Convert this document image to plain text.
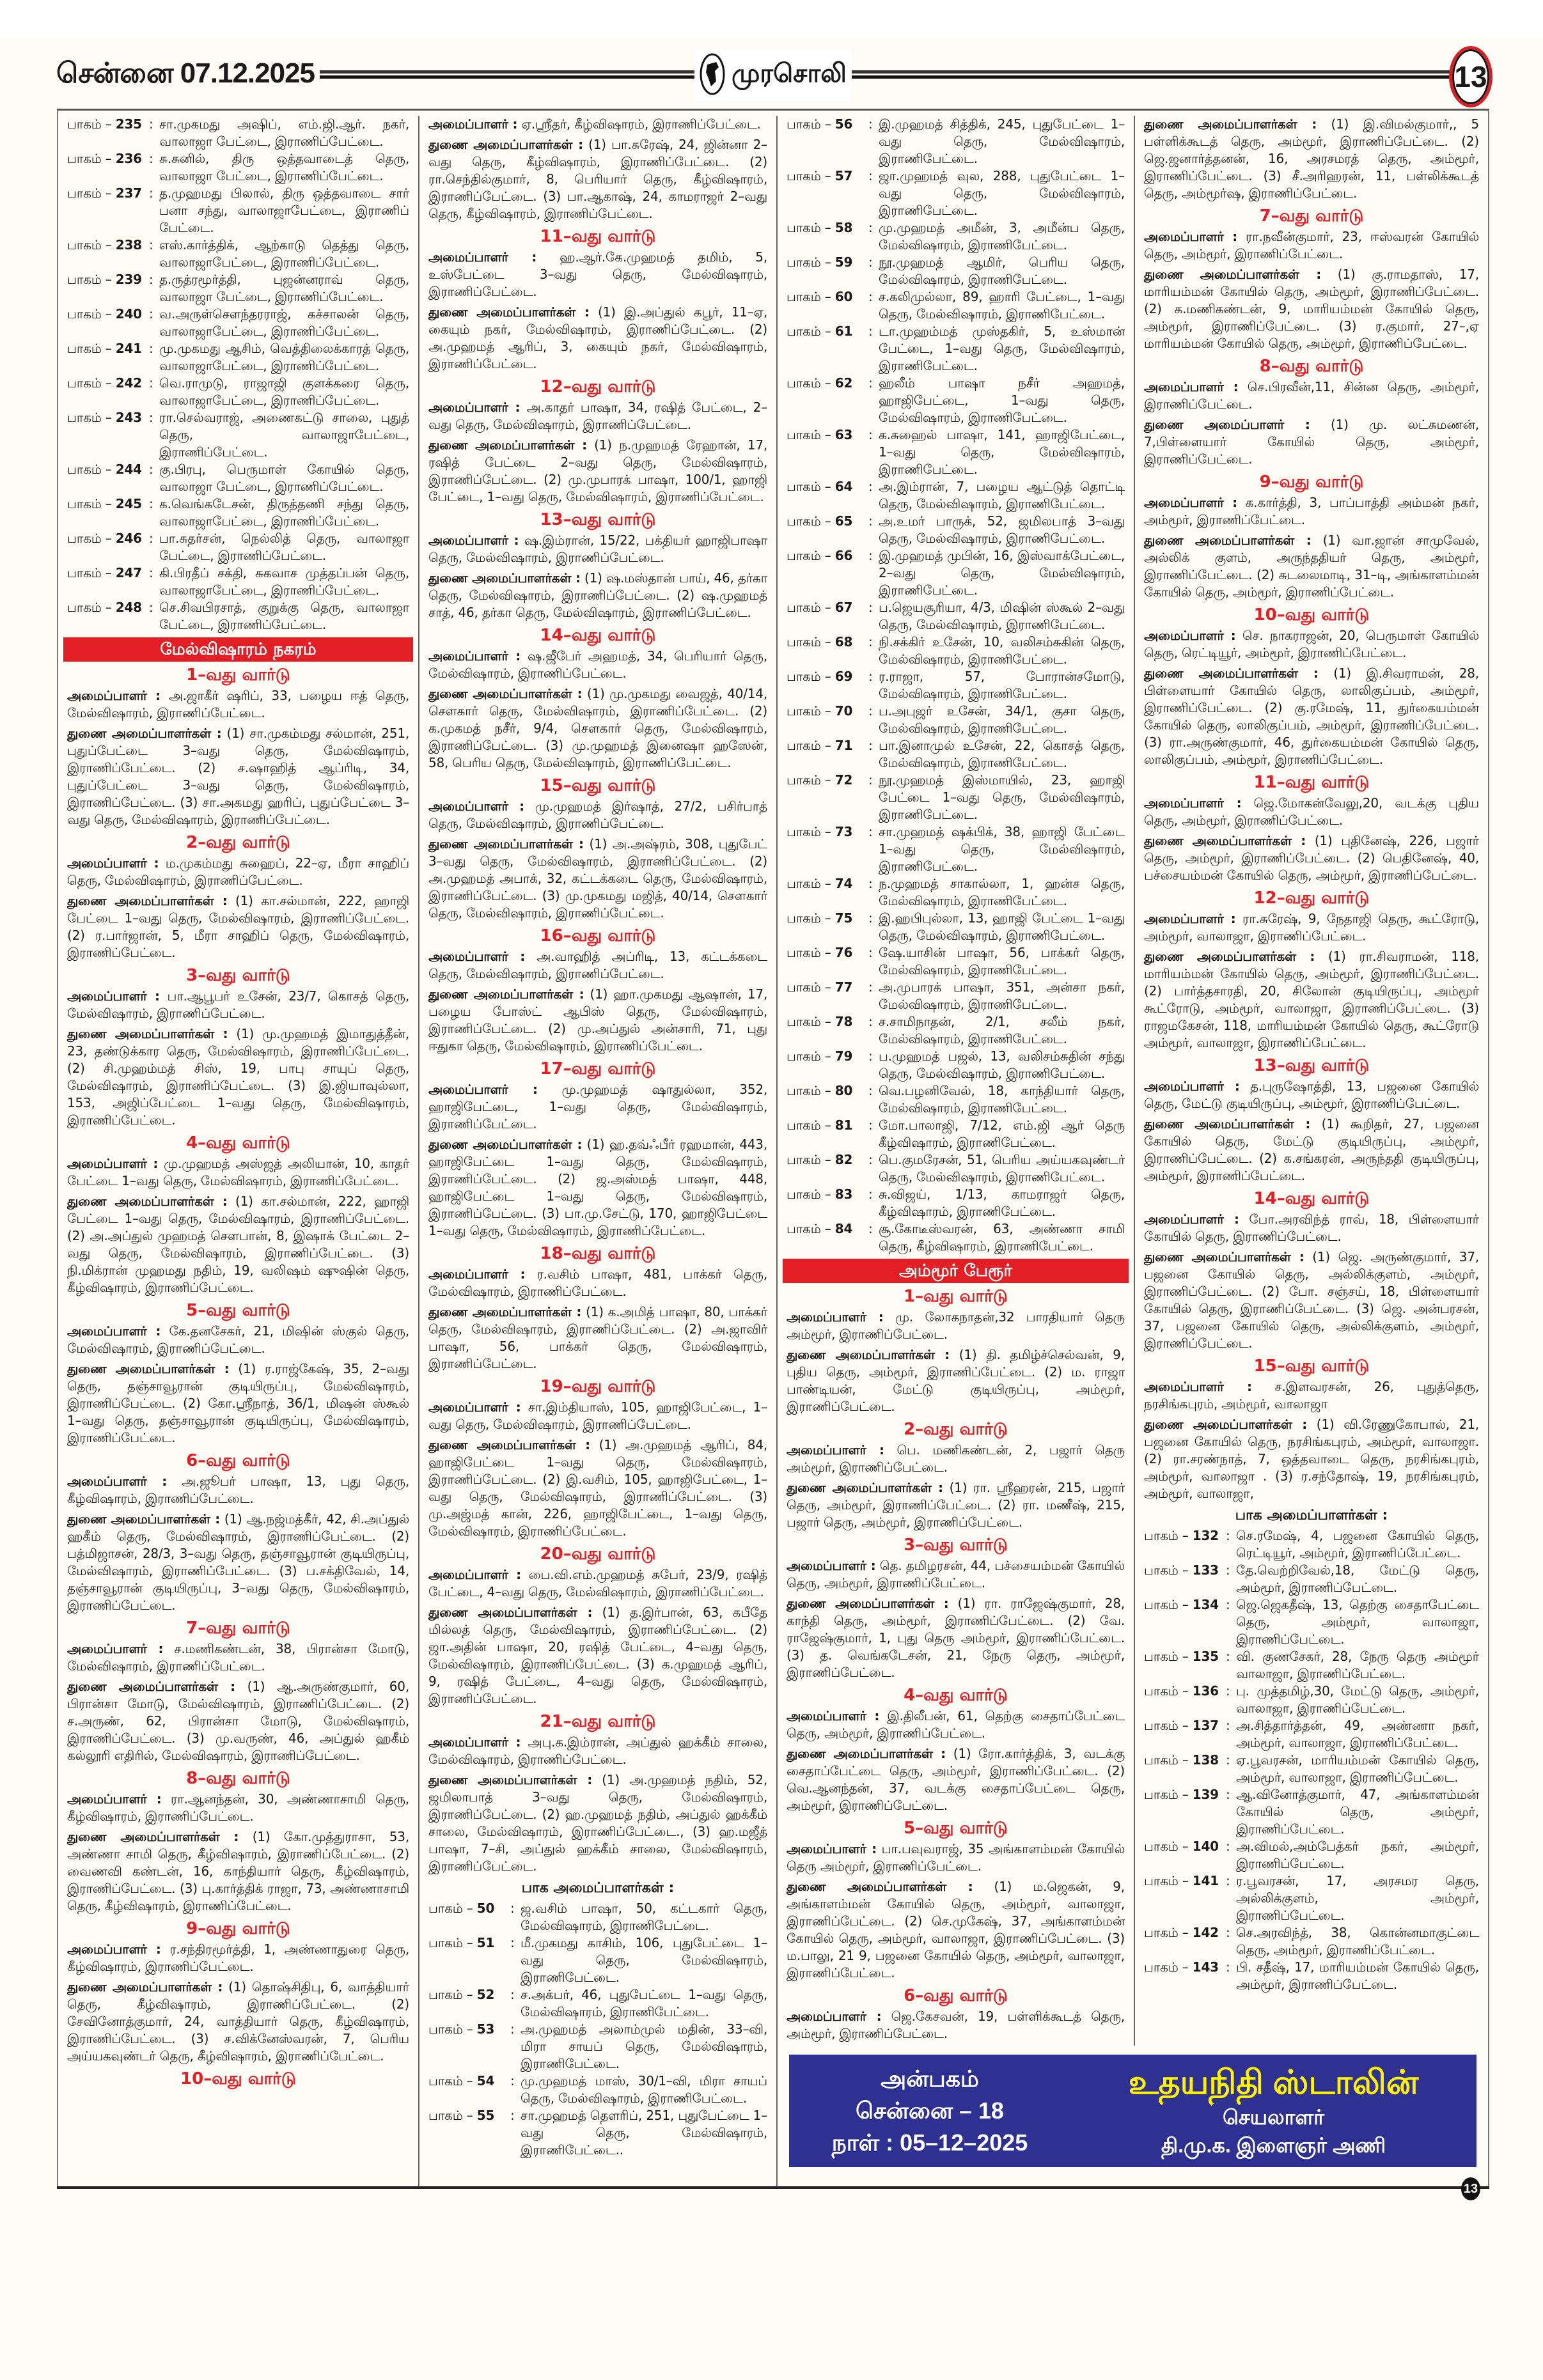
சென்னை 07.12.2025	முரசொலி	13
பாகம் – 235 : சா.முகமது அஷிப், எம்.ஜி.ஆர். நகர், வாலாஜா பேட்டை, இராணிப்பேட்டை.
பாகம் – 236 : சு.சுனில், திரு ஒத்தவாடைத் தெரு, வாலாஜா பேட்டை, இராணிப்பேட்டை.
பாகம் – 237 : த.முஹமது பிலால், திரு ஒத்தவாடை சார் பனா சந்து, வாலாஜாபேட்டை, இராணிப் பேட்டை.
பாகம் – 238 : எஸ்.கார்த்திக், ஆற்காடு தெத்து தெரு, வாலாஜாபேட்டை, இராணிப்பேட்டை.
பாகம் – 239 : த.ருத்ரமூர்த்தி, புஜன்னராவ் தெரு, வாலாஜா பேட்டை, இராணிப்பேட்டை.
பாகம் – 240 : வ.அருள்செளந்தரராஜ், கச்சாலன் தெரு, வாலாஜாபேட்டை, இராணிப்பேட்டை.
பாகம் – 241 : மு.முகமது ஆசிம், வெத்திலைக்காரத் தெரு, வாலாஜாபேட்டை, இராணிப்பேட்டை.
பாகம் – 242 : வெ.ராமுடு, ராஜாஜி குளக்கரை தெரு, வாலாஜாபேட்டை, இராணிப்பேட்டை.
பாகம் – 243 : ரா.செல்வராஜ், அணைகட்டு சாலை, புதுத் தெரு, வாலாஜாபேட்டை, இராணிப்பேட்டை.
பாகம் – 244 : கு.பிரபு, பெருமாள் கோயில் தெரு, வாலாஜா பேட்டை, இராணிப்பேட்டை.
பாகம் – 245 : க.வெங்கடேசன், திருத்தணி சந்து தெரு, வாலாஜாபேட்டை, இராணிப்பேட்டை.
பாகம் – 246 : பா.சுதர்சன், நெல்லித் தெரு, வாலாஜா பேட்டை, இராணிப்பேட்டை.
பாகம் – 247 : கி.பிரதீப் சக்தி, சுகவாச முத்தப்பன் தெரு, வாலாஜாபேட்டை, இராணிப்பேட்டை.
பாகம் – 248 : செ.சிவபிரசாத், குறுக்கு தெரு, வாலாஜா பேட்டை, இராணிப்பேட்டை.
மேல்விஷாரம் நகரம்
1–வது வார்டு
அமைப்பாளர் : அ.ஜாகீர் ஷரிப், 33, பழைய ஈத் தெரு, மேல்விஷாரம், இராணிப்பேட்டை.
துணை அமைப்பாளர்கள் : (1) சா.முகம்மது சல்மான், 251, புதுப்பேட்டை 3–வது தெரு, மேல்விஷாரம், இராணிப்பேட்டை. (2) ச.ஷாஹித் ஆப்ரிடி, 34, புதுப்பேட்டை 3–வது தெரு, மேல்விஷாரம், இராணிப்பேட்டை. (3) சா.அகமது ஹரிப், புதுப்பேட்டை 3–வது தெரு, மேல்விஷாரம், இராணிப்பேட்டை.
2–வது வார்டு
அமைப்பாளர் : ம.முகம்மது சுஹைப், 22–ஏ, மீரா சாஹிப் தெரு, மேல்விஷாரம், இராணிப்பேட்டை.
துணை அமைப்பாளர்கள் : (1) கா.சல்மான், 222, ஹாஜி பேட்டை 1–வது தெரு, மேல்விஷாரம், இராணிப்பேட்டை. (2) ர.பார்ஜான், 5, மீரா சாஹிப் தெரு, மேல்விஷாரம், இராணிப்பேட்டை.
3–வது வார்டு
அமைப்பாளர் : பா.ஆபூபர் உசேன், 23/7, கொசத் தெரு, மேல்விஷாரம், இராணிப்பேட்டை.
துணை அமைப்பாளர்கள் : (1) மு.முஹமத் இமாதுத்தீன், 23, தண்டுக்கார தெரு, மேல்விஷாரம், இராணிப்பேட்டை. (2) சி.முஹம்மத் சிஸ், 19, பாபு சாயுப் தெரு, மேல்விஷாரம், இராணிப்பேட்டை. (3) இ.ஜியாவுல்லா, 153, அஜிப்பேட்டை 1–வது தெரு, மேல்விஷாரம், இராணிப்பேட்டை.
4–வது வார்டு
அமைப்பாளர் : மு.முஹமத் அஸ்ஜத் அலியான், 10, காதர் பேட்டை 1–வது தெரு, மேல்விஷாரம், இராணிப்பேட்டை.
துணை அமைப்பாளர்கள் : (1) கா.சல்மான், 222, ஹாஜி பேட்டை 1–வது தெரு, மேல்விஷாரம், இராணிப்பேட்டை. (2) அ.அப்துல் முஹமத் சௌபான், 8, இஷாக் பேட்டை 2–வது தெரு, மேல்விஷாரம், இராணிப்பேட்டை. (3) நி.மிக்ரான் முஹமது நதிம், 19, வலிஷம் ஷுஷின் தெரு, கீழ்விஷாரம், இராணிப்பேட்டை.
5–வது வார்டு
அமைப்பாளர் : கே.தனசேகர், 21, மிஷின் ஸ்குல் தெரு, மேல்விஷாரம், இராணிப்பேட்டை.
துணை அமைப்பாளர்கள் : (1) ர.ராஜ்கேஷ், 35, 2–வது தெரு, தஞ்சாவூரான் குடியிருப்பு, மேல்விஷாரம், இராணிப்பேட்டை. (2) கோ.ஸ்ரீநாத், 36/1, மிஷன் ஸ்கூல் 1–வது தெரு, தஞ்சாவூரான் குடியிருப்பு, மேல்விஷாரம், இராணிப்பேட்டை.
6–வது வார்டு
அமைப்பாளர் : அ.ஜூபர் பாஷா, 13, புது தெரு, கீழ்விஷாரம், இராணிப்பேட்டை.
துணை அமைப்பாளர்கள் : (1) ஆ.நஜ்மத்கீர், 42, சி.அப்துல் ஹகீம் தெரு, மேல்விஷாரம், இராணிப்பேட்டை. (2) பத்மிஜாசன், 28/3, 3–வது தெரு, தஞ்சாவூரான் குடியிருப்பு, மேல்விஷாரம், இராணிப்பேட்டை. (3) ப.சக்திவேல், 14, தஞ்சாவூரான் குடியிருப்பு, 3–வது தெரு, மேல்விஷாரம், இராணிப்பேட்டை.
7–வது வார்டு
அமைப்பாளர் : ச.மணிகண்டன், 38, பிரான்சா மோடு, மேல்விஷாரம், இராணிப்பேட்டை.
துணை அமைப்பாளர்கள் : (1) ஆ.அருண்குமார், 60, பிரான்சா மோடு, மேல்விஷாரம், இராணிப்பேட்டை. (2) ச.அருண், 62, பிரான்சா மோடு, மேல்விஷாரம், இராணிப்பேட்டை. (3) மு.வருண், 46, அப்துல் ஹகீம் கல்லூரி எதிரில், மேல்விஷாரம், இராணிப்பேட்டை.
8–வது வார்டு
அமைப்பாளர் : ரா.ஆனந்தன், 30, அண்ணாசாமி தெரு, கீழ்விஷாரம், இராணிப்பேட்டை.
துணை அமைப்பாளர்கள் : (1) கோ.முத்துராசா, 53, அண்ணா சாமி தெரு, கீழ்விஷாரம், இராணிப்பேட்டை. (2) வைணவி கண்டன், 16, காந்தியார் தெரு, கீழ்விஷாரம், இராணிப்பேட்டை. (3) பு.கார்த்திக் ராஜா, 73, அண்ணாசாமி தெரு, கீழ்விஷாரம், இராணிப்பேட்டை.
9–வது வார்டு
அமைப்பாளர் : ர.சந்திரமூர்த்தி, 1, அண்ணாதுரை தெரு, கீழ்விஷாரம், இராணிப்பேட்டை.
துணை அமைப்பாளர்கள் : (1) தொஷ்சிதிபு, 6, வாத்தியார் தெரு, கீழ்விஷாரம், இராணிப்பேட்டை. (2) சேவினோத்குமார், 24, வாத்தியார் தெரு, கீழ்விஷாரம், இராணிப்பேட்டை. (3) ச.விக்னேஸ்வரன், 7, பெரிய அய்யகவுண்டர் தெரு, கீழ்விஷாரம், இராணிப்பேட்டை.
10–வது வார்டு
அமைப்பாளர் : ஏ.ஸ்ரீதர், கீழ்விஷாரம், இராணிப்பேட்டை.
துணை அமைப்பாளர்கள் : (1) பா.சுரேஷ், 24, ஜின்னா 2–வது தெரு, கீழ்விஷாரம், இராணிப்பேட்டை. (2) ரா.செந்தில்குமார், 8, பெரியார் தெரு, கீழ்விஷாரம், இராணிப்பேட்டை. (3) பா.ஆகாஷ், 24, காமராஜர் 2–வது தெரு, கீழ்விஷாரம், இராணிப்பேட்டை.
11–வது வார்டு
அமைப்பாளர் : ஹ.ஆர்.கே.முஹமத் தமிம், 5, உஸ்பேட்டை 3–வது தெரு, மேல்விஷாரம், இராணிப்பேட்டை.
துணை அமைப்பாளர்கள் : (1) இ.அப்துல் கபூர், 11–ஏ, கையும் நகர், மேல்விஷாரம், இராணிப்பேட்டை. (2) அ.முஹமத் ஆரிப், 3, கையும் நகர், மேல்விஷாரம், இராணிப்பேட்டை.
12–வது வார்டு
அமைப்பாளர் : அ.காதர் பாஷா, 34, ரஷித் பேட்டை, 2–வது தெரு, மேல்விஷாரம், இராணிப்பேட்டை.
துணை அமைப்பாளர்கள் : (1) ந.முஹமத் ரேஹான், 17, ரஷித் பேட்டை 2–வது தெரு, மேல்விஷாரம், இராணிப்பேட்டை. (2) மு.முபாரக் பாஷா, 100/1, ஹாஜி பேட்டை, 1–வது தெரு, மேல்விஷாரம், இராணிப்பேட்டை.
13–வது வார்டு
அமைப்பாளர் : ஷ.இம்ரான், 15/22, பக்தியர் ஹாஜிபாஷா தெரு, மேல்விஷாரம், இராணிப்பேட்டை.
துணை அமைப்பாளர்கள் : (1) ஷ.மஸ்தான் பாய், 46, தர்கா தெரு, மேல்விஷாரம், இராணிப்பேட்டை. (2) ஷ.முஹமத் சாத், 46, தர்கா தெரு, மேல்விஷாரம், இராணிப்பேட்டை.
14–வது வார்டு
அமைப்பாளர் : ஷ.ஜீபேர் அஹமத், 34, பெரியார் தெரு, மேல்விஷாரம், இராணிப்பேட்டை.
துணை அமைப்பாளர்கள் : (1) மு.முகமது வைஜத், 40/14, சௌகார் தெரு, மேல்விஷாரம், இராணிப்பேட்டை. (2) க.முகமத் நசீர், 9/4, சௌகார் தெரு, மேல்விஷாரம், இராணிப்பேட்டை. (3) மு.முஹமத் இனைஷா ஹஸேன், 58, பெரிய தெரு, மேல்விஷாரம், இராணிப்பேட்டை.
15–வது வார்டு
அமைப்பாளர் : மு.முஹமத் இர்ஷாத், 27/2, பசிர்பாத் தெரு, மேல்விஷாரம், இராணிப்பேட்டை.
துணை அமைப்பாளர்கள் : (1) அ.அஷ்ரம், 308, புதுபேட் 3–வது தெரு, மேல்விஷாரம், இராணிப்பேட்டை. (2) அ.முஹமத் அபாக், 32, கட்டக்கடை தெரு, மேல்விஷாரம், இராணிப்பேட்டை. (3) மு.முகமது மஜித், 40/14, சௌகார் தெரு, மேல்விஷாரம், இராணிப்பேட்டை.
16–வது வார்டு
அமைப்பாளர் : அ.வாஹித் அப்ரிடி, 13, கட்டக்கடை தெரு, மேல்விஷாரம், இராணிப்பேட்டை.
துணை அமைப்பாளர்கள் : (1) ஹா.முகமது ஆஷான், 17, பழைய போஸ்ட் ஆபிஸ் தெரு, மேல்விஷாரம், இராணிப்பேட்டை. (2) மு.அப்துல் அன்சாரி, 71, புது ஈதுகா தெரு, மேல்விஷாரம், இராணிப்பேட்டை.
17–வது வார்டு
அமைப்பாளர் : மு.முஹமத் ஷாதுல்லா, 352, ஹாஜிபேட்டை, 1–வது தெரு, மேல்விஷாரம், இராணிப்பேட்டை.
துணை அமைப்பாளர்கள் : (1) ஹ.தவ்ஃபீர் ரஹமான், 443, ஹாஜிபேட்டை 1–வது தெரு, மேல்விஷாரம், இராணிப்பேட்டை. (2) ஜ.அஸ்மத் பாஷா, 448, ஹாஜிபேட்டை 1–வது தெரு, மேல்விஷாரம், இராணிப்பேட்டை. (3) பா.மு.சேட்டு, 170, ஹாஜிபேட்டை 1–வது தெரு, மேல்விஷாரம், இராணிப்பேட்டை.
18–வது வார்டு
அமைப்பாளர் : ர.வசிம் பாஷா, 481, பாக்கர் தெரு, மேல்விஷாரம், இராணிப்பேட்டை.
துணை அமைப்பாளர்கள் : (1) க.அமித் பாஷா, 80, பாக்கர் தெரு, மேல்விஷாரம், இராணிப்பேட்டை. (2) அ.ஜாவிர் பாஷா, 56, பாக்கர் தெரு, மேல்விஷாரம், இராணிப்பேட்டை.
19–வது வார்டு
அமைப்பாளர் : சா.இம்தியாஸ், 105, ஹாஜிபேட்டை, 1–வது தெரு, மேல்விஷாரம், இராணிப்பேட்டை.
துணை அமைப்பாளர்கள் : (1) அ.முஹமத் ஆரிப், 84, ஹாஜிபேட்டை 1–வது தெரு, மேல்விஷாரம், இராணிப்பேட்டை. (2) இ.வசிம், 105, ஹாஜிபேட்டை, 1–வது தெரு, மேல்விஷாரம், இராணிப்பேட்டை. (3) மு.அஜ்மத் கான், 226, ஹாஜிபேட்டை, 1–வது தெரு, மேல்விஷாரம், இராணிப்பேட்டை.
20–வது வார்டு
அமைப்பாளர் : பை.வி.எம்.முஹமத் சுபேர், 23/9, ரஷித் பேட்டை, 4–வது தெரு, மேல்விஷாரம், இராணிப்பேட்டை.
துணை அமைப்பாளர்கள் : (1) த.இர்பான், 63, கபீதே மில்லத் தெரு, மேல்விஷாரம், இராணிப்பேட்டை. (2) ஜா.அதின் பாஷா, 20, ரஷித் பேட்டை, 4–வது தெரு, மேல்விஷாரம், இராணிப்பேட்டை. (3) க.முஹமத் ஆரிப், 9, ரஷித் பேட்டை, 4–வது தெரு, மேல்விஷாரம், இராணிப்பேட்டை.
21–வது வார்டு
அமைப்பாளர் : அபு.க.இம்ரான், அப்துல் ஹக்கீம் சாலை, மேல்விஷாரம், இராணிப்பேட்டை.
துணை அமைப்பாளர்கள் : (1) அ.முஹமத் நதிம், 52, ஜமிலாபாத் 3–வது தெரு, மேல்விஷாரம், இராணிப்பேட்டை. (2) ஹ.முஹமத் நதிம், அப்துல் ஹக்கீம் சாலை, மேல்விஷாரம், இராணிப்பேட்டை., (3) ஹ.மஜீத் பாஷா, 7–சி, அப்துல் ஹக்கீம் சாலை, மேல்விஷாரம், இராணிப்பேட்டை.
பாக அமைப்பாளர்கள் :
பாகம் – 50	: ஜ.வசிம் பாஷா, 50, கட்டகார் தெரு, மேல்விஷாரம், இராணிபேட்டை.
பாகம் – 51	: மீ.முகமது காசிம், 106, புதுபேட்டை 1–வது தெரு, மேல்விஷாரம், இராணிபேட்டை.
பாகம் – 52	: ச.அக்பர், 46, புதுபேட்டை 1–வது தெரு, மேல்விஷாரம், இராணிபேட்டை.
பாகம் – 53	: அ.முஹமத் அலாம்முல் மதின், 33–வி, மிரா சாயப் தெரு, மேல்விஷாரம், இராணிபேட்டை.
பாகம் – 54	: மு.முஹமத் மாஸ், 30/1–வி, மிரா சாயப் தெரு, மேல்விஷாரம், இராணிபேட்டை.
பாகம் – 55	: சா.முஹமத் தெளரிப், 251, புதுபேட்டை 1–வது தெரு, மேல்விஷாரம், இராணிபேட்டை..
பாகம் – 56	: இ.முஹமத் சித்திக், 245, புதுபேட்டை 1–வது தெரு, மேல்விஷாரம், இராணிபேட்டை.
பாகம் – 57	: ஜா.முஹமத் வுல, 288, புதுபேட்டை 1–வது தெரு, மேல்விஷாரம், இராணிபேட்டை.
பாகம் – 58	: மு.முஹமத் அமீன், 3, அமீன்ப தெரு, மேல்விஷாரம், இராணிபேட்டை.
பாகம் – 59	: நூ.முஹமத் ஆமிர், பெரிய தெரு, மேல்விஷாரம், இராணிபேட்டை.
பாகம் – 60	: ச.கலிமுல்லா, 89, ஹாரி பேட்டை, 1–வது தெரு, மேல்விஷாரம், இராணிபேட்டை.
பாகம் – 61	: டா.முஹம்மத் முஸ்தகிர், 5, உஸ்மான் பேட்டை, 1–வது தெரு, மேல்விஷாரம், இராணிபேட்டை.
பாகம் – 62	: ஹலீம் பாஷா நசீர் அஹமத், ஹாஜிபேட்டை, 1–வது தெரு, மேல்விஷாரம், இராணிபேட்டை.
பாகம் – 63	: க.சுஹைல் பாஷா, 141, ஹாஜிபேட்டை, 1–வது தெரு, மேல்விஷாரம், இராணிபேட்டை.
பாகம் – 64	: அ.இம்ரான், 7, பழைய ஆட்டுத் தொட்டி தெரு, மேல்விஷாரம், இராணிபேட்டை.
பாகம் – 65	: அ.உமர் பாருக், 52, ஜமிலபாத் 3–வது தெரு, மேல்விஷாரம், இராணிபேட்டை.
பாகம் – 66	: இ.முஹமத் முபின், 16, இஸ்வாக்பேட்டை, 2–வது தெரு, மேல்விஷாரம், இராணிபேட்டை.
பாகம் – 67	: ப.ஜெயசூரியா, 4/3, மிஷின் ஸ்கூல் 2–வது தெரு, மேல்விஷாரம், இராணிபேட்டை.
பாகம் – 68	: நி.சக்கிர் உசேன், 10, வலிசம்சுகின் தெரு, மேல்விஷாரம், இராணிபேட்டை.
பாகம் – 69	: ர.ராஜா, 57, போரான்சமோடு, மேல்விஷாரம், இராணிபேட்டை.
பாகம் – 70	: ப.அபுஜர் உசேன், 34/1, குசா தெரு, மேல்விஷாரம், இராணிபேட்டை.
பாகம் – 71	: பா.இனாமுல் உசேன், 22, கொசத் தெரு, மேல்விஷாரம், இராணிபேட்டை.
பாகம் – 72	: நூ.முஹமத் இஸ்மாயில், 23, ஹாஜி பேட்டை 1–வது தெரு, மேல்விஷாரம், இராணிபேட்டை.
பாகம் – 73	: சா.முஹமத் ஷக்பிக், 38, ஹாஜி பேட்டை 1–வது தெரு, மேல்விஷாரம், இராணிபேட்டை.
பாகம் – 74	: ந.முஹமத் சாகால்லா, 1, ஹன்ச தெரு, மேல்விஷாரம், இராணிபேட்டை.
பாகம் – 75	: இ.ஹபிபுல்லா, 13, ஹாஜி பேட்டை 1–வது தெரு, மேல்விஷாரம், இராணிபேட்டை.
பாகம் – 76	: ஷே.யாசின் பாஷா, 56, பாக்கர் தெரு, மேல்விஷாரம், இராணிபேட்டை.
பாகம் – 77	: அ.முபாரக் பாஷா, 351, அன்சா நகர், மேல்விஷாரம், இராணிபேட்டை.
பாகம் – 78	: ச.சாமிநாதன், 2/1, சலீம் நகர், மேல்விஷாரம், இராணிபேட்டை.
பாகம் – 79	: ப.முஹமத் பஜல், 13, வலிசம்சுதின் சந்து தெரு, மேல்விஷாரம், இராணிபேட்டை.
பாகம் – 80	: வெ.பழனிவேல், 18, காந்தியார் தெரு, மேல்விஷாரம், இராணிபேட்டை.
பாகம் – 81	: மோ.பாலாஜி, 7/12, எம்.ஜி ஆர் தெரு கீழ்விஷாரம், இராணிபேட்டை.
பாகம் – 82	: பெ.குமரேசன், 51, பெரிய அய்யகவுண்டர் தெரு, மேல்விஷாரம், இராணிபேட்டை.
பாகம் – 83	: சு.விஜய், 1/13, காமராஜர் தெரு, கீழ்விஷாரம், இராணிபேட்டை.
பாகம் – 84	: சூ.கோடீஸ்வரன், 63, அண்ணா சாமி தெரு, கீழ்விஷாரம், இராணிபேட்டை.
அம்மூர் பேரூர்
1–வது வார்டு
அமைப்பாளர் : மு. லோகநாதன்,32 பாரதியார் தெரு அம்மூர், இராணிப்பேட்டை.
துணை அமைப்பாளர்கள் : (1) தி. தமிழ்ச்செல்வன், 9, புதிய தெரு, அம்மூர், இராணிப்பேட்டை. (2) ம. ராஜா பாண்டியன், மேட்டு குடியிருப்பு, அம்மூர், இராணிப்பேட்டை.
2–வது வார்டு
அமைப்பாளர் : பெ. மணிகண்டன், 2, பஜார் தெரு அம்மூர், இராணிப்பேட்டை.
துணை அமைப்பாளர்கள் : (1) ரா. ஸ்ரீஹரன், 215, பஜார் தெரு, அம்மூர், இராணிப்பேட்டை. (2) ரா. மணீஷ், 215, பஜார் தெரு, அம்மூர், இராணிப்பேட்டை.
3–வது வார்டு
அமைப்பாளர் : தெ. தமிழரசன், 44, பச்சையம்மன் கோயில் தெரு, அம்மூர், இராணிப்பேட்டை.
துணை அமைப்பாளர்கள் : (1) ரா. ராஜேஷ்குமார், 28, காந்தி தெரு, அம்மூர், இராணிப்பேட்டை. (2) வே. ராஜேஷ்குமார், 1, புது தெரு அம்மூர், இராணிப்பேட்டை. (3) த. வெங்கடேசன், 21, நேரு தெரு, அம்மூர், இராணிப்பேட்டை.
4–வது வார்டு
அமைப்பாளர் : இ.திலீபன், 61, தெற்கு சைதாப்பேட்டை தெரு, அம்மூர், இராணிப்பேட்டை.
துணை அமைப்பாளர்கள் : (1) ரோ.கார்த்திக், 3, வடக்கு சைதாப்பேட்டை தெரு, அம்மூர், இராணிப்பேட்டை. (2) வெ.ஆனந்தன், 37, வடக்கு சைதாப்பேட்டை தெரு, அம்மூர், இராணிப்பேட்டை.
5–வது வார்டு
அமைப்பாளர் : பா.பவுவராஜ், 35 அங்காளம்மன் கோயில் தெரு அம்மூர், இராணிப்பேட்டை.
துணை அமைப்பாளர்கள் : (1) ம.ஜெகன், 9, அங்காளம்மன் கோயில் தெரு, அம்மூர், வாலாஜா, இராணிப்பேட்டை. (2) செ.முகேஷ், 37, அங்காளம்மன் கோயில் தெரு, அம்மூர், வாலாஜா, இராணிப்பேட்டை. (3) ம.பாலு, 21 9, பஜனை கோயில் தெரு, அம்மூர், வாலாஜா, இராணிப்பேட்டை.
6–வது வார்டு
அமைப்பாளர் : ஜெ.கேசவன், 19, பள்ளிக்கூடத் தெரு, அம்மூர், இராணிப்பேட்டை.
துணை அமைப்பாளர்கள் : (1) இ.விமல்குமார்,, 5 பள்ளிக்கூடத் தெரு, அம்மூர், இராணிப்பேட்டை. (2) ஜெ.ஜனார்த்தனன், 16, அரசமரத் தெரு, அம்மூர், இராணிப்பேட்டை. (3) சீ.அரிஹரன், 11, பள்லிக்கூடத் தெரு, அம்மூர்ஷ, இராணிப்பேட்டை.
7–வது வார்டு
அமைப்பாளர் : ரா.நவீன்குமார், 23, ஈஸ்வரன் கோயில் தெரு, அம்மூர், இராணிப்பேட்டை.
துணை அமைப்பாளர்கள் : (1) கு.ராமதாஸ், 17, மாரியம்மன் கோயில் தெரு, அம்மூர், இராணிப்பேட்டை. (2) க.மணிகண்டன், 9, மாரியம்மன் கோயில் தெரு, அம்மூர், இராணிப்பேட்டை. (3) ர.குமார், 27–,ஏ மாரியம்மன் கோயில் தெரு, அம்மூர், இராணிப்பேட்டை.
8–வது வார்டு
அமைப்பாளர் : செ.பிரவீன்,11, சின்ன தெரு, அம்மூர், இராணிப்பேட்டை.
துணை அமைப்பாளர் : (1) மு. லட்சுமணன், 7,பிள்ளையார் கோயில் தெரு, அம்மூர், இராணிப்பேட்டை.
9–வது வார்டு
அமைப்பாளர் : க.கார்த்தி, 3, பாப்பாத்தி அம்மன் நகர், அம்மூர், இராணிப்பேட்டை.
துணை அமைப்பாளர்கள் : (1) வா.ஜான் சாமுவேல், அல்லிக் குளம், அருந்ததியர் தெரு, அம்மூர், இராணிப்பேட்டை. (2) சுடலைமாடி, 31–டி, அங்காளம்மன் கோயில் தெரு, அம்மூர், இராணிப்பேட்டை.
10–வது வார்டு
அமைப்பாளர் : செ. நாகராஜன், 20, பெருமாள் கோயில் தெரு, ரெட்டியூர், அம்மூர், இராணிப்பேட்டை.
துணை அமைப்பாளர்கள் : (1) இ.சிவராமன், 28, பிள்ளையார் கோயில் தெரு, லாலிகுப்பம், அம்மூர், இராணிப்பேட்டை. (2) கு.ரமேஷ், 11, துர்கையம்மன் கோயில் தெரு, லாலிகுப்பம், அம்மூர், இராணிப்பேட்டை. (3) ரா.அருண்குமார், 46, துர்கையம்மன் கோயில் தெரு, லாலிகுப்பம், அம்மூர், இராணிப்பேட்டை.
11–வது வார்டு
அமைப்பாளர் : ஜெ.மோகன்வேலு,20, வடக்கு புதிய தெரு, அம்மூர், இராணிப்பேட்டை.
துணை அமைப்பாளர்கள் : (1) புதினேஷ், 226, பஜார் தெரு, அம்மூர், இராணிப்பேட்டை. (2) பெதினேஷ், 40, பச்சையம்மன் கோயில் தெரு, அம்மூர், இராணிப்பேட்டை.
12–வது வார்டு
அமைப்பாளர் : ரா.சுரேஷ், 9, நேதாஜி தெரு, கூட்ரோடு, அம்மூர், வாலாஜா, இராணிப்பேட்டை.
துணை அமைப்பாளர்கள் : (1) ரா.சிவராமன், 118, மாரியம்மன் கோயில் தெரு, அம்மூர், இராணிப்பேட்டை. (2) பார்த்தசாரதி, 20, சிலோன் குடியிருப்பு, அம்மூர் கூட்ரோடு, அம்மூர், வாலாஜா, இராணிப்பேட்டை. (3) ராஜமகேசன், 118, மாரியம்மன் கோயில் தெரு, கூட்ரோடு அம்மூர், வாலாஜா, இராணிப்பேட்டை.
13–வது வார்டு
அமைப்பாளர் : த.புருஷோத்தி, 13, பஜனை கோயில் தெரு, மேட்டு குடியிருப்பு, அம்மூர், இராணிப்பேட்டை.
துணை அமைப்பாளர்கள் : (1) கூறிதர், 27, பஜனை கோயில் தெரு, மேட்டு குடியிருப்பு, அம்மூர், இராணிப்பேட்டை. (2) க.சங்கரன், அருந்ததி குடியிருப்பு, அம்மூர், இராணிப்பேட்டை.
14–வது வார்டு
அமைப்பாளர் : போ.அரவிந்த் ராவ், 18, பிள்ளையார் கோயில் தெரு, இராணிப்பேட்டை.
துணை அமைப்பாளர்கள் : (1) ஜெ. அருண்குமார், 37, பஜனை கோயில் தெரு, அல்லிக்குளம், அம்மூர், இராணிப்பேட்டை. (2) போ. சஞ்சய், 18, பிள்ளையார் கோயில் தெரு, இராணிப்பேட்டை. (3) ஜெ. அன்பரசன், 37, பஜனை கோயில் தெரு, அல்லிக்குளம், அம்மூர், இராணிப்பேட்டை.
15–வது வார்டு
அமைப்பாளர் : ச.இளவரசன், 26, புதுத்தெரு, நரசிங்கபுரம், அம்மூர், வாலாஜா
துணை அமைப்பாளர்கள் : (1) வி.ரேணுகோபால், 21, பஜனை கோயில் தெரு, நரசிங்கபுரம், அம்மூர், வாலாஜா. (2) ரா.சரண்நாத், 7, ஒத்தவாடை தெரு, நரசிங்கபுரம், அம்மூர், வாலாஜா . (3) ர.சந்தோஷ், 19, நரசிங்கபுரம், அம்மூர், வாலாஜா,
பாக அமைப்பாளர்கள் :
பாகம் – 132 : செ.ரமேஷ், 4, பஜனை கோயில் தெரு, ரெட்டியூர், அம்மூர், இராணிப்பேட்டை.
பாகம் – 133 : தே.வெற்றிவேல்,18, மேட்டு தெரு, அம்மூர், இராணிப்பேட்டை.
பாகம் – 134 : ஜெ.ஜெகதீஷ், 13, தெற்கு சைதாபேட்டை தெரு, அம்மூர், வாலாஜா, இராணிப்பேட்டை.
பாகம் – 135 : வி. குணசேகர், 28, நேரு தெரு அம்மூர் வாலாஜா, இராணிப்பேட்டை.
பாகம் – 136 : பு. முத்தமிழ்,30, மேட்டு தெரு, அம்மூர், வாலாஜா, இராணிப்பேட்டை.
பாகம் – 137 : அ.சித்தார்த்தன், 49, அண்ணா நகர், அம்மூர், வாலாஜா, இராணிப்பேட்டை.
பாகம் – 138 : ஏ.பூவரசன், மாரியம்மன் கோயில் தெரு, அம்மூர், வாலாஜா, இராணிப்பேட்டை.
பாகம் – 139 : ஆ.வினோத்குமார், 47, அங்காளம்மன் கோயில் தெரு, அம்மூர், இராணிப்பேட்டை.
பாகம் – 140 : அ.விமல்,அம்பேத்கர் நகர், அம்மூர், இராணிப்பேட்டை.
பாகம் – 141 : ர.பூவரசன், 17, அரசமர தெரு, அல்லிக்குளம், அம்மூர், இராணிப்பேட்டை.
பாகம் – 142 : செ.அரவிந்த், 38, கொன்னமாகுட்டை தெரு, அம்மூர், இராணிப்பேட்டை.
பாகம் – 143 : பி. சதீஷ், 17, மாரியம்மன் கோயில் தெரு, அம்மூர், இராணிப்பேட்டை.
அன்பகம்
சென்னை – 18
நாள் : 05–12–2025
உதயநிதி ஸ்டாலின்
செயலாளர்
தி.மு.க. இளைஞர் அணி
13
